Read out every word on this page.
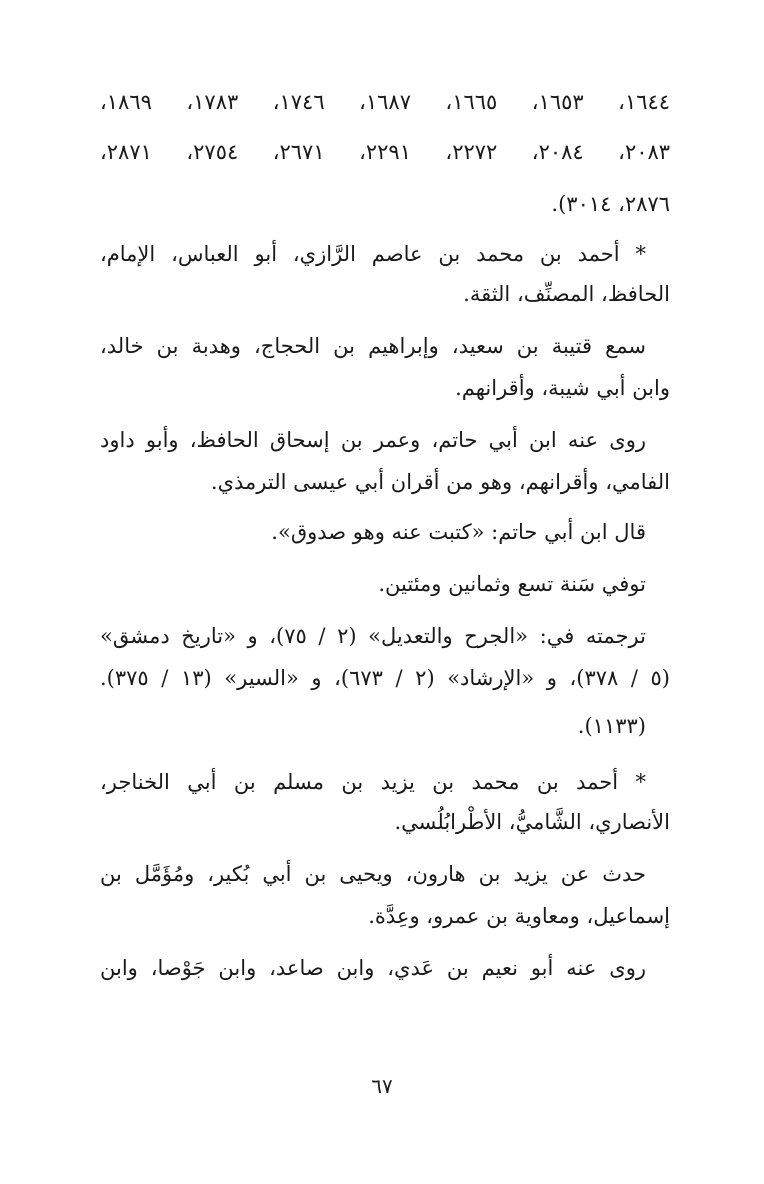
١٦٤٤، ١٦٥٣، ١٦٦٥، ١٦٨٧، ١٧٤٦، ١٧٨٣، ١٨٦٩،
٢٠٨٣، ٢٠٨٤، ٢٢٧٢، ٢٢٩١، ٢٦٧١، ٢٧٥٤، ٢٨٧١،
٢٨٧٦، ٣٠١٤).
* أحمد بن محمد بن عاصم الرَّازي، أبو العباس، الإمام،
الحافظ، المصنِّف، الثقة.
سمع قتيبة بن سعيد، وإبراهيم بن الحجاج، وهدبة بن خالد،
وابن أبي شيبة، وأقرانهم.
روى عنه ابن أبي حاتم، وعمر بن إسحاق الحافظ، وأبو داود
الفامي، وأقرانهم، وهو من أقران أبي عيسى الترمذي.
قال ابن أبي حاتم: «كتبت عنه وهو صدوق».
توفي سَنة تسع وثمانين ومئتين.
ترجمته في: «الجرح والتعديل» (٢ / ٧٥)، و «تاريخ دمشق»
(٥ / ٣٧٨)، و «الإرشاد» (٢ / ٦٧٣)، و «السير» (١٣ / ٣٧٥).
(١١٣٣).
* أحمد بن محمد بن يزيد بن مسلم بن أبي الخناجر،
الأنصاري، الشَّاميُّ، الأطْرابُلُسي.
حدث عن يزيد بن هارون، ويحيى بن أبي بُكير، ومُؤَمَّل بن
إسماعيل، ومعاوية بن عمرو، وعِدَّة.
روى عنه أبو نعيم بن عَدي، وابن صاعد، وابن جَوْصا، وابن
٦٧
